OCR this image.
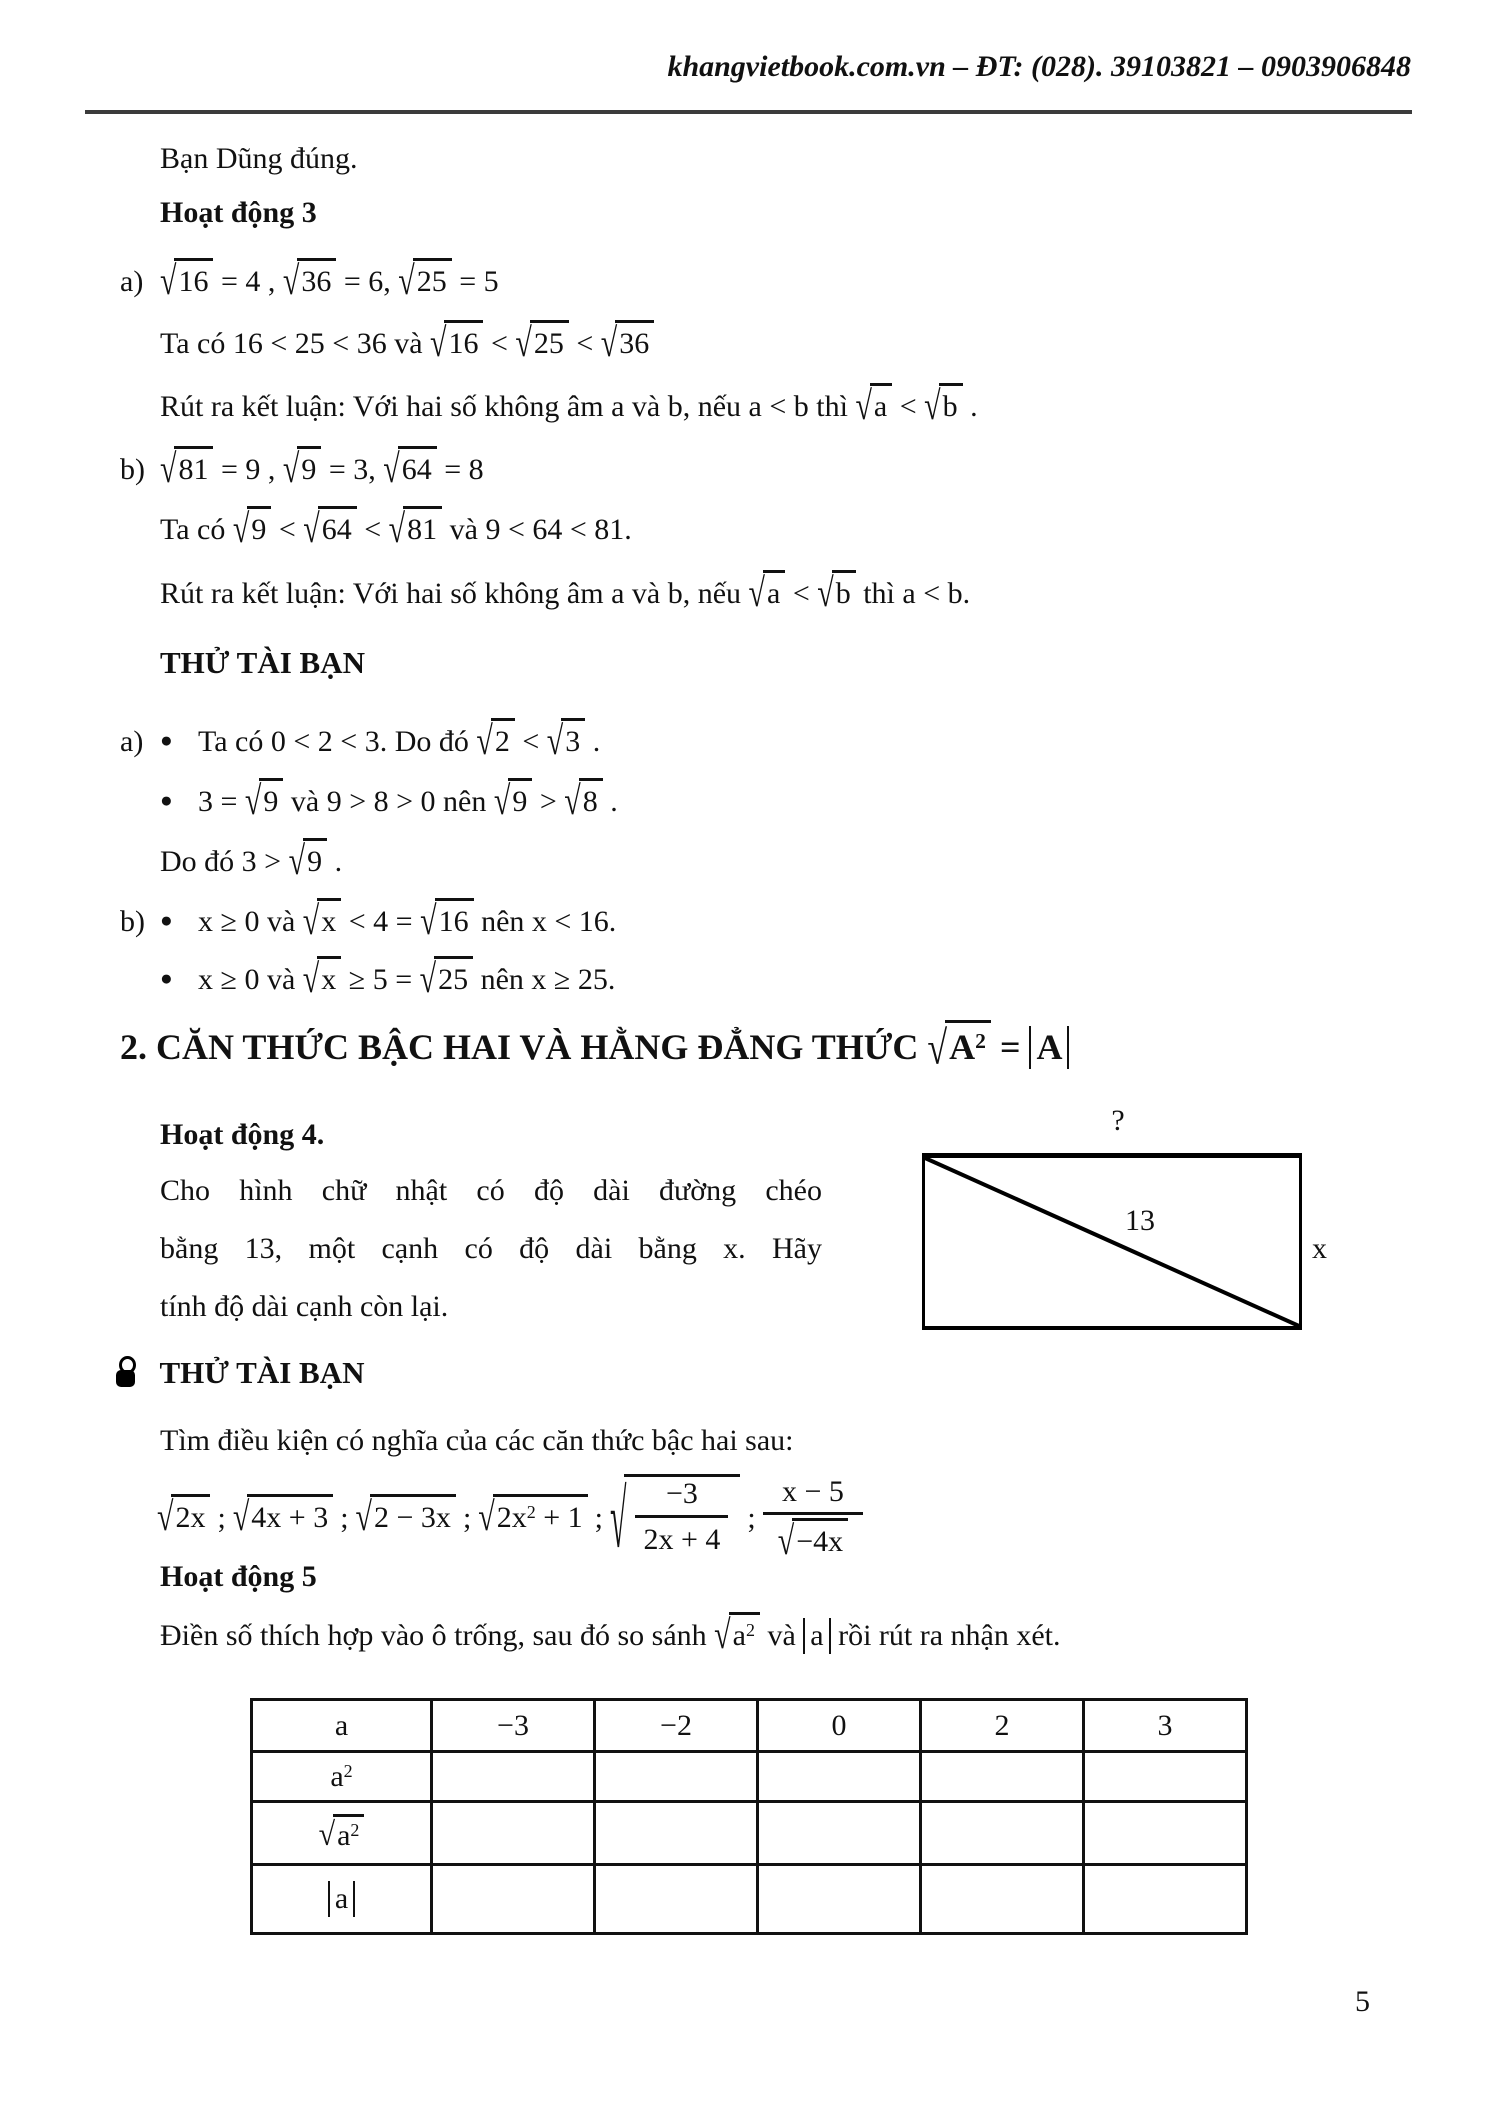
khangvietbook.com.vn – ĐT: (028). 39103821 – 0903906848
Bạn Dũng đúng.
Hoạt động 3
a) √16 = 4 , √36 = 6, √25 = 5
Ta có 16 < 25 < 36 và √16 < √25 < √36
Rút ra kết luận: Với hai số không âm a và b, nếu a < b thì √a < √b .
b) √81 = 9 , √9 = 3, √64 = 8
Ta có √9 < √64 < √81 và 9 < 64 < 81.
Rút ra kết luận: Với hai số không âm a và b, nếu √a < √b thì a < b.
THỬ TÀI BẠN
a) ● Ta có 0 < 2 < 3. Do đó √2 < √3 .
● 3 = √9 và 9 > 8 > 0 nên √9 > √8 .
Do đó 3 > √9 .
b) ● x ≥ 0 và √x < 4 = √16 nên x < 16.
● x ≥ 0 và √x ≥ 5 = √25 nên x ≥ 25.
2. CĂN THỨC BẬC HAI VÀ HẰNG ĐẲNG THỨC $√A^2 = A$
Hoạt động 4.
Cho hình chữ nhật có độ dài đường chéo
bằng 13, một cạnh có độ dài bằng x. Hãy
tính độ dài cạnh còn lại.
?
13
x
THỬ TÀI BẠN
Tìm điều kiện có nghĩa của các căn thức bậc hai sau:
√2x ; √4x + 3 ; √2 − 3x ; $√2x^2 + 1$ ; √ $\frac{-3}{2x + 4}$ ; $\frac{x - 5}{√-4x}$
Hoạt động 5
Điền số thích hợp vào ô trống, sau đó so sánh $√a^2$ và a rồi rút ra nhận xét.
a	−3	−2	0	2	3
$a^2$					
$√a^2$					
a					
5
